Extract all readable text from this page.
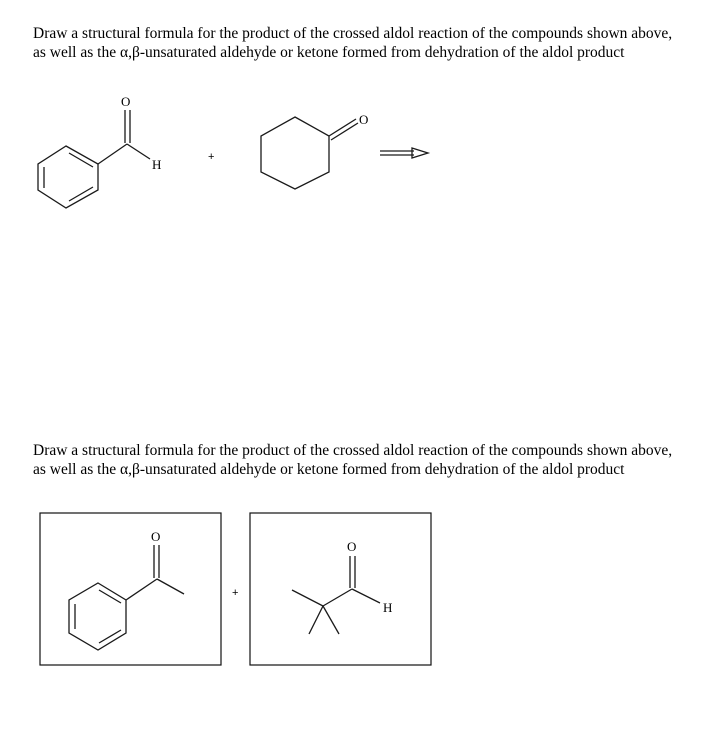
Draw a structural formula for the product of the crossed aldol reaction of the compounds shown above, as well as the α,β-unsaturated aldehyde or ketone formed from dehydration of the aldol product

O
H	+
O

Draw a structural formula for the product of the crossed aldol reaction of the compounds shown above, as well as the α,β-unsaturated aldehyde or ketone formed from dehydration of the aldol product

O
+
O
H
